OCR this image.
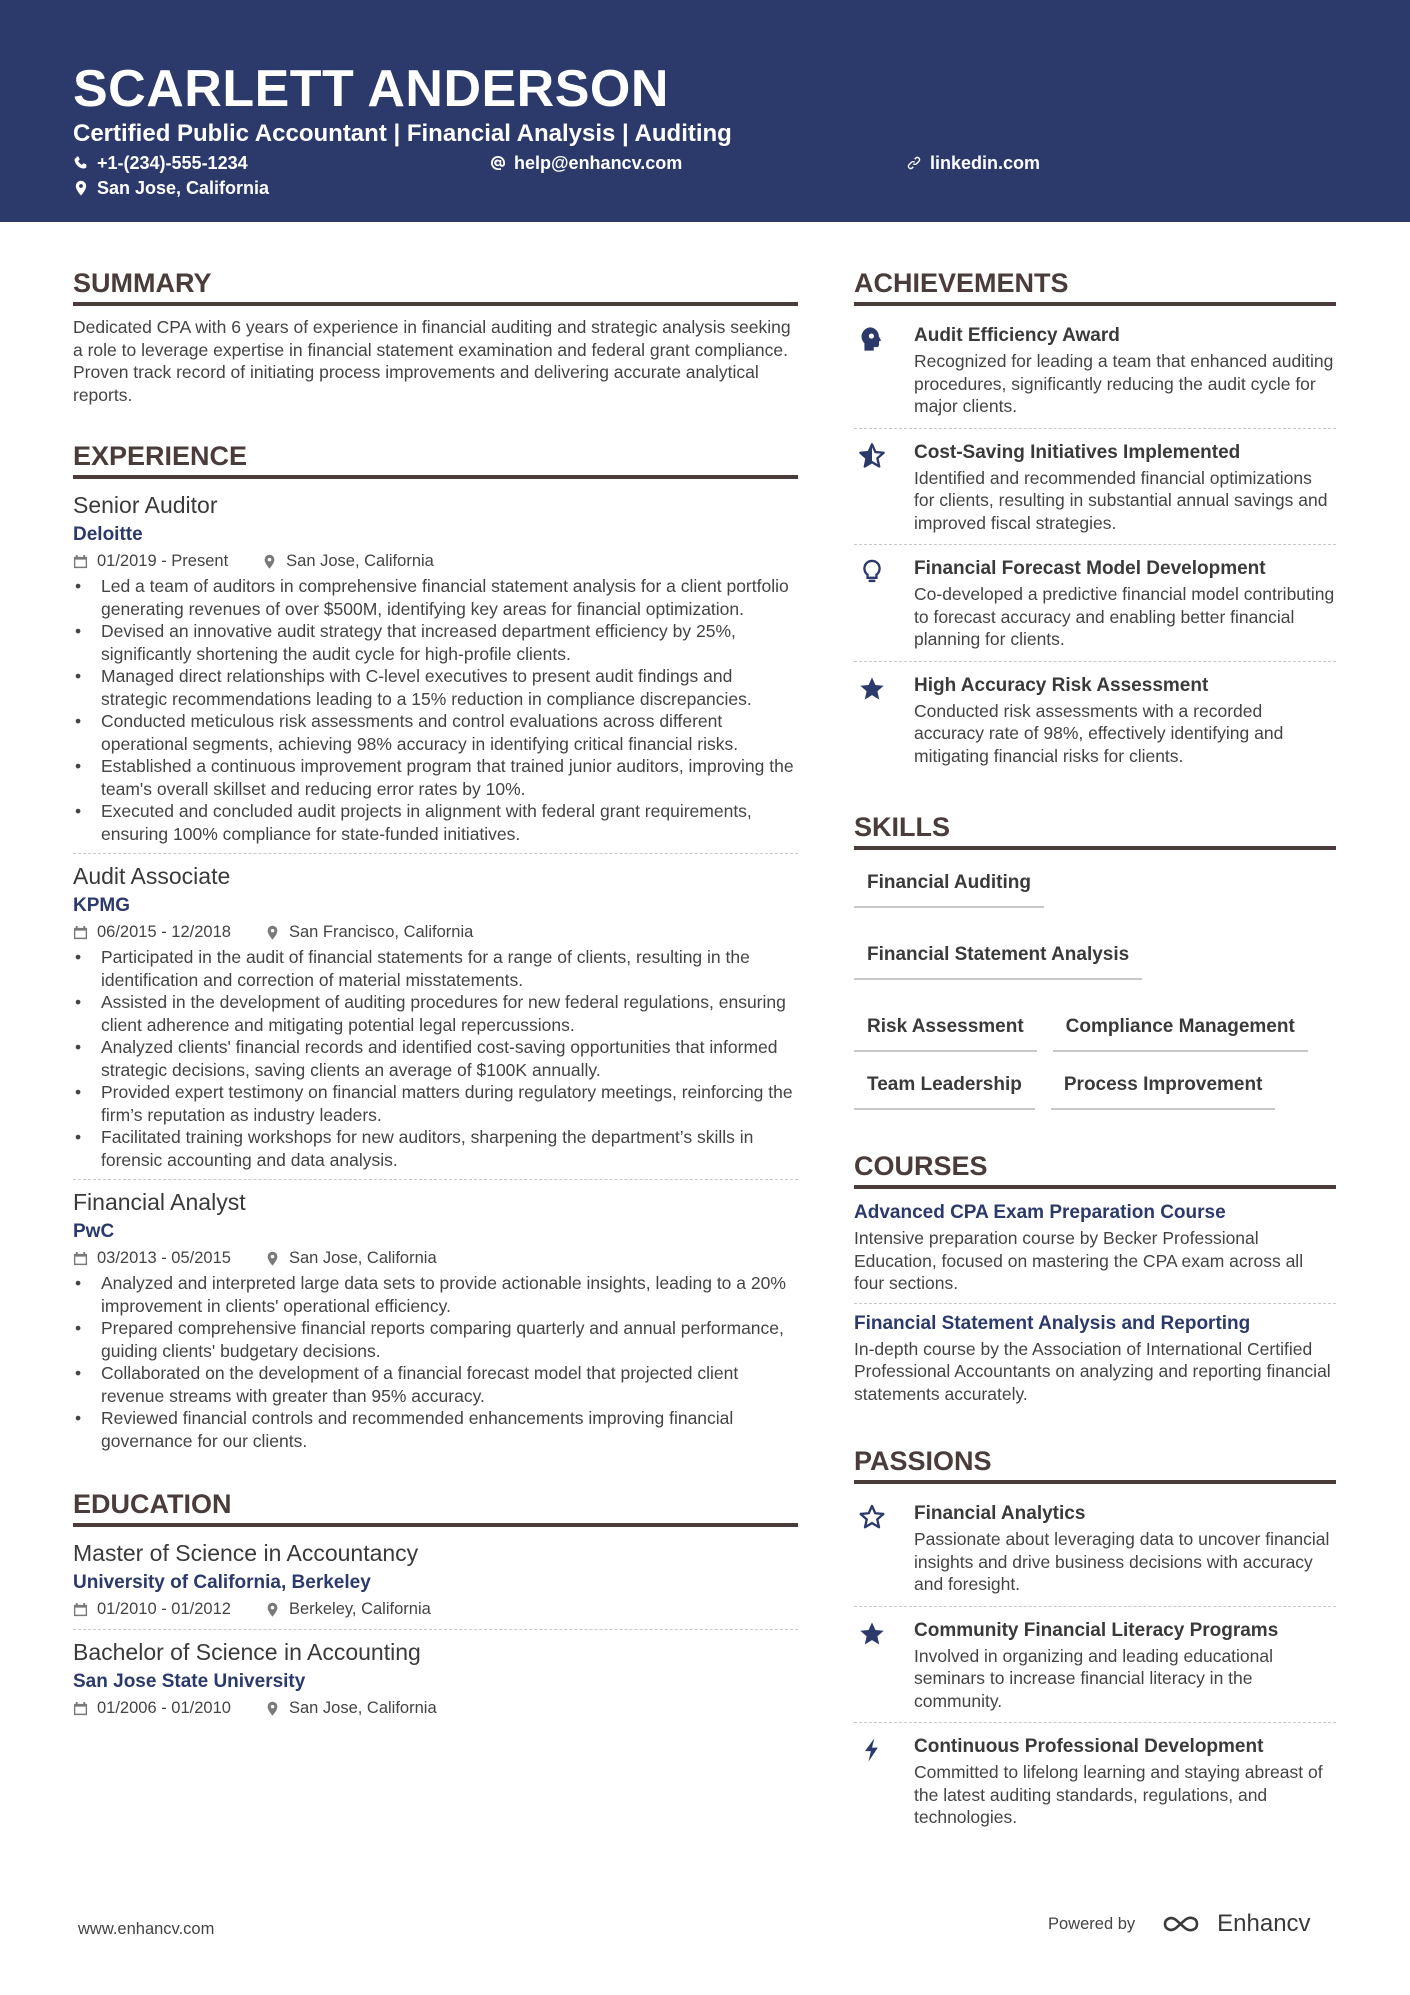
SCARLETT ANDERSON
Certified Public Accountant | Financial Analysis | Auditing
+1-(234)-555-1234	help@enhancv.com	linkedin.com
San Jose, California
SUMMARY

Dedicated CPA with 6 years of experience in financial auditing and strategic analysis seeking a role to leverage expertise in financial statement examination and federal grant compliance. Proven track record of initiating process improvements and delivering accurate analytical reports.

EXPERIENCE
Senior Auditor
Deloitte
01/2019 - Present	San Jose, California
• Led a team of auditors in comprehensive financial statement analysis for a client portfolio generating revenues of over $500M, identifying key areas for financial optimization.
• Devised an innovative audit strategy that increased department efficiency by 25%, significantly shortening the audit cycle for high-profile clients.
• Managed direct relationships with C-level executives to present audit findings and strategic recommendations leading to a 15% reduction in compliance discrepancies.
• Conducted meticulous risk assessments and control evaluations across different operational segments, achieving 98% accuracy in identifying critical financial risks.
• Established a continuous improvement program that trained junior auditors, improving the team's overall skillset and reducing error rates by 10%.
• Executed and concluded audit projects in alignment with federal grant requirements, ensuring 100% compliance for state-funded initiatives.
Audit Associate
KPMG
06/2015 - 12/2018	San Francisco, California
• Participated in the audit of financial statements for a range of clients, resulting in the identification and correction of material misstatements.
• Assisted in the development of auditing procedures for new federal regulations, ensuring client adherence and mitigating potential legal repercussions.
• Analyzed clients' financial records and identified cost-saving opportunities that informed strategic decisions, saving clients an average of $100K annually.
• Provided expert testimony on financial matters during regulatory meetings, reinforcing the firm’s reputation as industry leaders.
• Facilitated training workshops for new auditors, sharpening the department’s skills in forensic accounting and data analysis.
Financial Analyst
PwC
03/2013 - 05/2015	San Jose, California
• Analyzed and interpreted large data sets to provide actionable insights, leading to a 20% improvement in clients' operational efficiency.
• Prepared comprehensive financial reports comparing quarterly and annual performance, guiding clients' budgetary decisions.
• Collaborated on the development of a financial forecast model that projected client revenue streams with greater than 95% accuracy.
• Reviewed financial controls and recommended enhancements improving financial governance for our clients.
EDUCATION
Master of Science in Accountancy
University of California, Berkeley
01/2010 - 01/2012	Berkeley, California
Bachelor of Science in Accounting
San Jose State University
01/2006 - 01/2010	San Jose, California
ACHIEVEMENTS
Audit Efficiency Award
Recognized for leading a team that enhanced auditing procedures, significantly reducing the audit cycle for major clients.
Cost-Saving Initiatives Implemented
Identified and recommended financial optimizations for clients, resulting in substantial annual savings and improved fiscal strategies.
Financial Forecast Model Development
Co-developed a predictive financial model contributing to forecast accuracy and enabling better financial planning for clients.
High Accuracy Risk Assessment
Conducted risk assessments with a recorded accuracy rate of 98%, effectively identifying and mitigating financial risks for clients.
SKILLS
Financial Auditing
Financial Statement Analysis
Risk Assessment	Compliance Management
Team Leadership	Process Improvement
COURSES
Advanced CPA Exam Preparation Course
Intensive preparation course by Becker Professional Education, focused on mastering the CPA exam across all four sections.
Financial Statement Analysis and Reporting
In-depth course by the Association of International Certified Professional Accountants on analyzing and reporting financial statements accurately.
PASSIONS
Financial Analytics
Passionate about leveraging data to uncover financial insights and drive business decisions with accuracy and foresight.
Community Financial Literacy Programs
Involved in organizing and leading educational seminars to increase financial literacy in the community.
Continuous Professional Development
Committed to lifelong learning and staying abreast of the latest auditing standards, regulations, and technologies.
www.enhancv.com	Powered by	Enhancv
